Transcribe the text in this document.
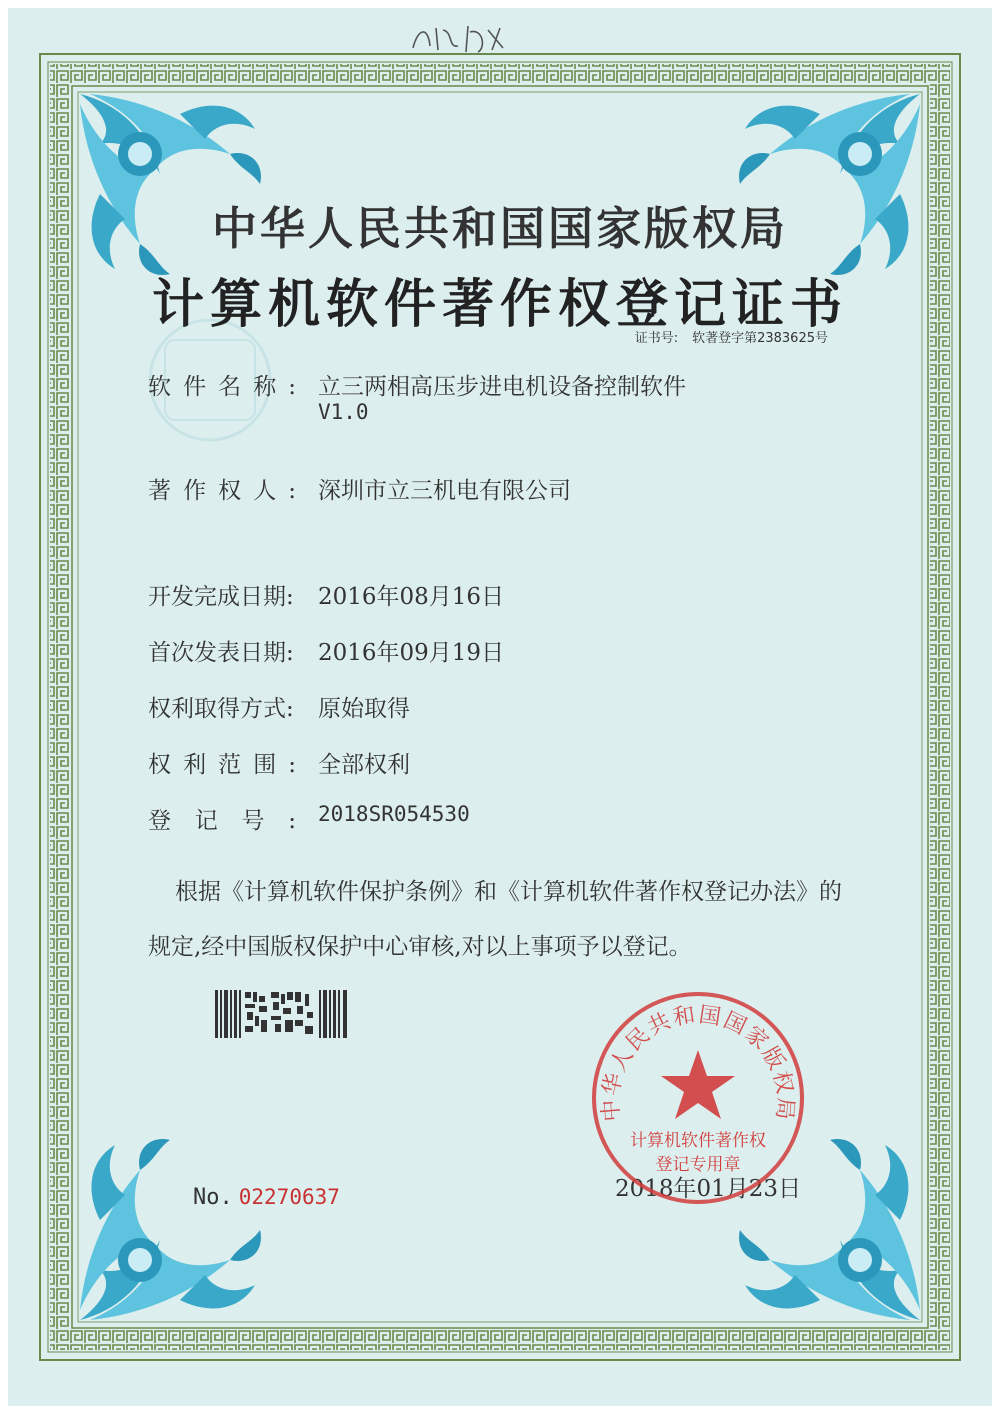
中华人民共和国国家版权局
计算机软件著作权登记证书
证书号: 软著登字第2383625号
软件名称: 立三两相高压步进电机设备控制软件
V1.0
著作权人: 深圳市立三机电有限公司
开发完成日期: 2016年08月16日
首次发表日期: 2016年09月19日
权利取得方式: 原始取得
权利范围: 全部权利
登记号: 2018SR054530
根据《计算机软件保护条例》和《计算机软件著作权登记办法》的
规定,经中国版权保护中心审核,对以上事项予以登记。
No. 02270637	2018年01月23日
中华人民共和国国家版权局
计算机软件著作权
登记专用章
